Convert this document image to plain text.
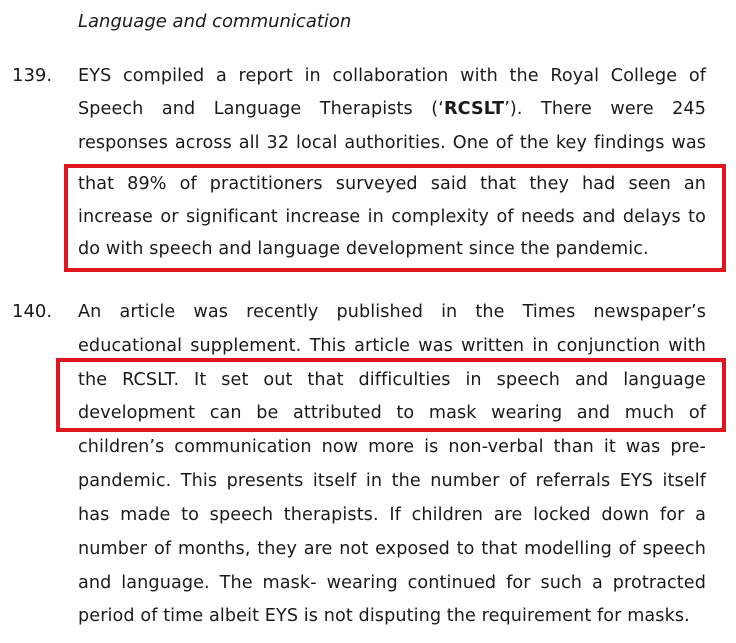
Language and communication
139. EYS compiled a report in collaboration with the Royal College of
Speech and Language Therapists (‘RCSLT’). There were 245
responses across all 32 local authorities. One of the key findings was
that 89% of practitioners surveyed said that they had seen an
increase or significant increase in complexity of needs and delays to
do with speech and language development since the pandemic.
140. An article was recently published in the Times newspaper’s
educational supplement. This article was written in conjunction with
the RCSLT. It set out that difficulties in speech and language
development can be attributed to mask wearing and much of
children’s communication now more is non-verbal than it was pre-
pandemic. This presents itself in the number of referrals EYS itself
has made to speech therapists. If children are locked down for a
number of months, they are not exposed to that modelling of speech
and language. The mask- wearing continued for such a protracted
period of time albeit EYS is not disputing the requirement for masks.
